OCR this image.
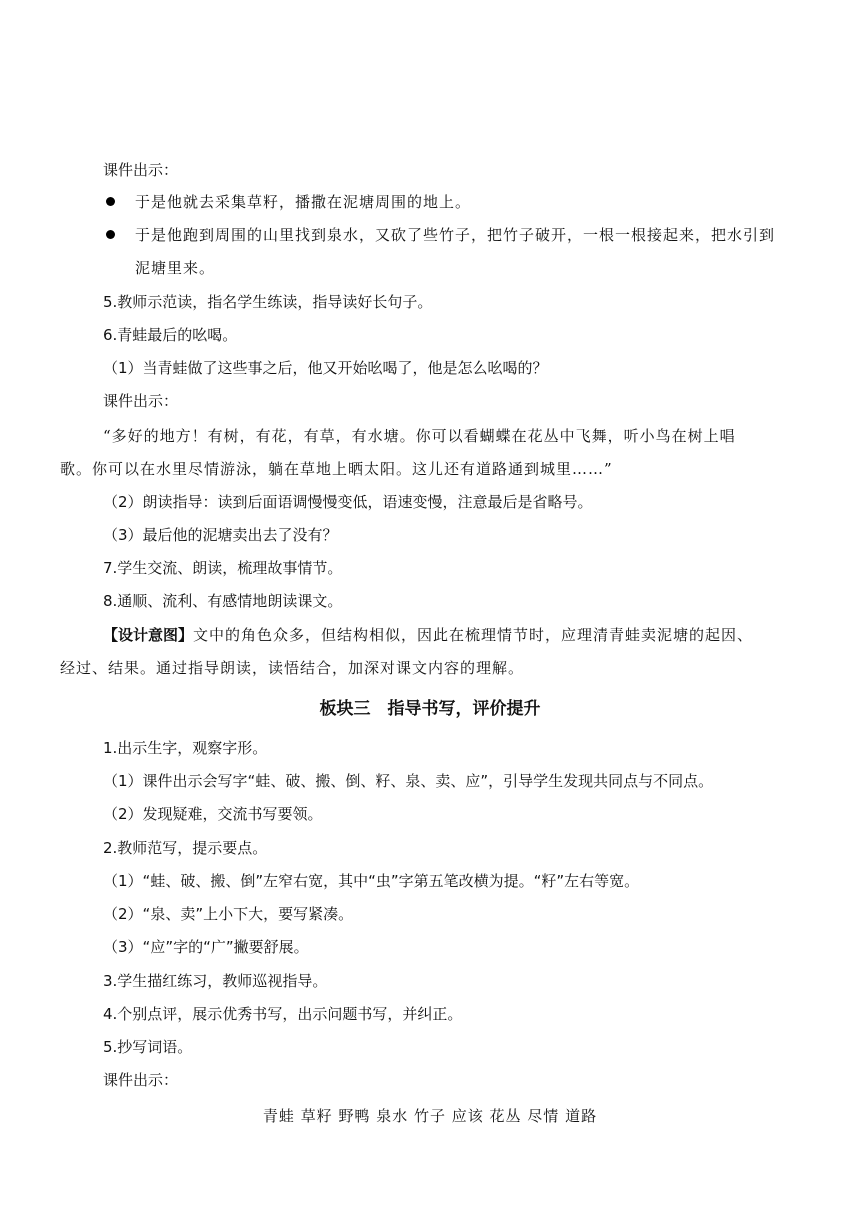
课件出示：
于是他就去采集草籽，播撒在泥塘周围的地上。
于是他跑到周围的山里找到泉水，又砍了些竹子，把竹子破开，一根一根接起来，把水引到
泥塘里来。
5.教师示范读，指名学生练读，指导读好长句子。
6.青蛙最后的吆喝。
（1）当青蛙做了这些事之后，他又开始吆喝了，他是怎么吆喝的？
课件出示：
“多好的地方！有树，有花，有草，有水塘。你可以看蝴蝶在花丛中飞舞，听小鸟在树上唱
歌。你可以在水里尽情游泳，躺在草地上晒太阳。这儿还有道路通到城里……”
（2）朗读指导：读到后面语调慢慢变低，语速变慢，注意最后是省略号。
（3）最后他的泥塘卖出去了没有？
7.学生交流、朗读，梳理故事情节。
8.通顺、流利、有感情地朗读课文。
【设计意图】文中的角色众多，但结构相似，因此在梳理情节时，应理清青蛙卖泥塘的起因、
经过、结果。通过指导朗读，读悟结合，加深对课文内容的理解。
板块三　指导书写，评价提升
1.出示生字，观察字形。
（1）课件出示会写字“蛙、破、搬、倒、籽、泉、卖、应”，引导学生发现共同点与不同点。
（2）发现疑难，交流书写要领。
2.教师范写，提示要点。
（1）“蛙、破、搬、倒”左窄右宽，其中“虫”字第五笔改横为提。“籽”左右等宽。
（2）“泉、卖”上小下大，要写紧凑。
（3）“应”字的“广”撇要舒展。
3.学生描红练习，教师巡视指导。
4.个别点评，展示优秀书写，出示问题书写，并纠正。
5.抄写词语。
课件出示：
青蛙 草籽 野鸭 泉水 竹子 应该 花丛 尽情 道路
